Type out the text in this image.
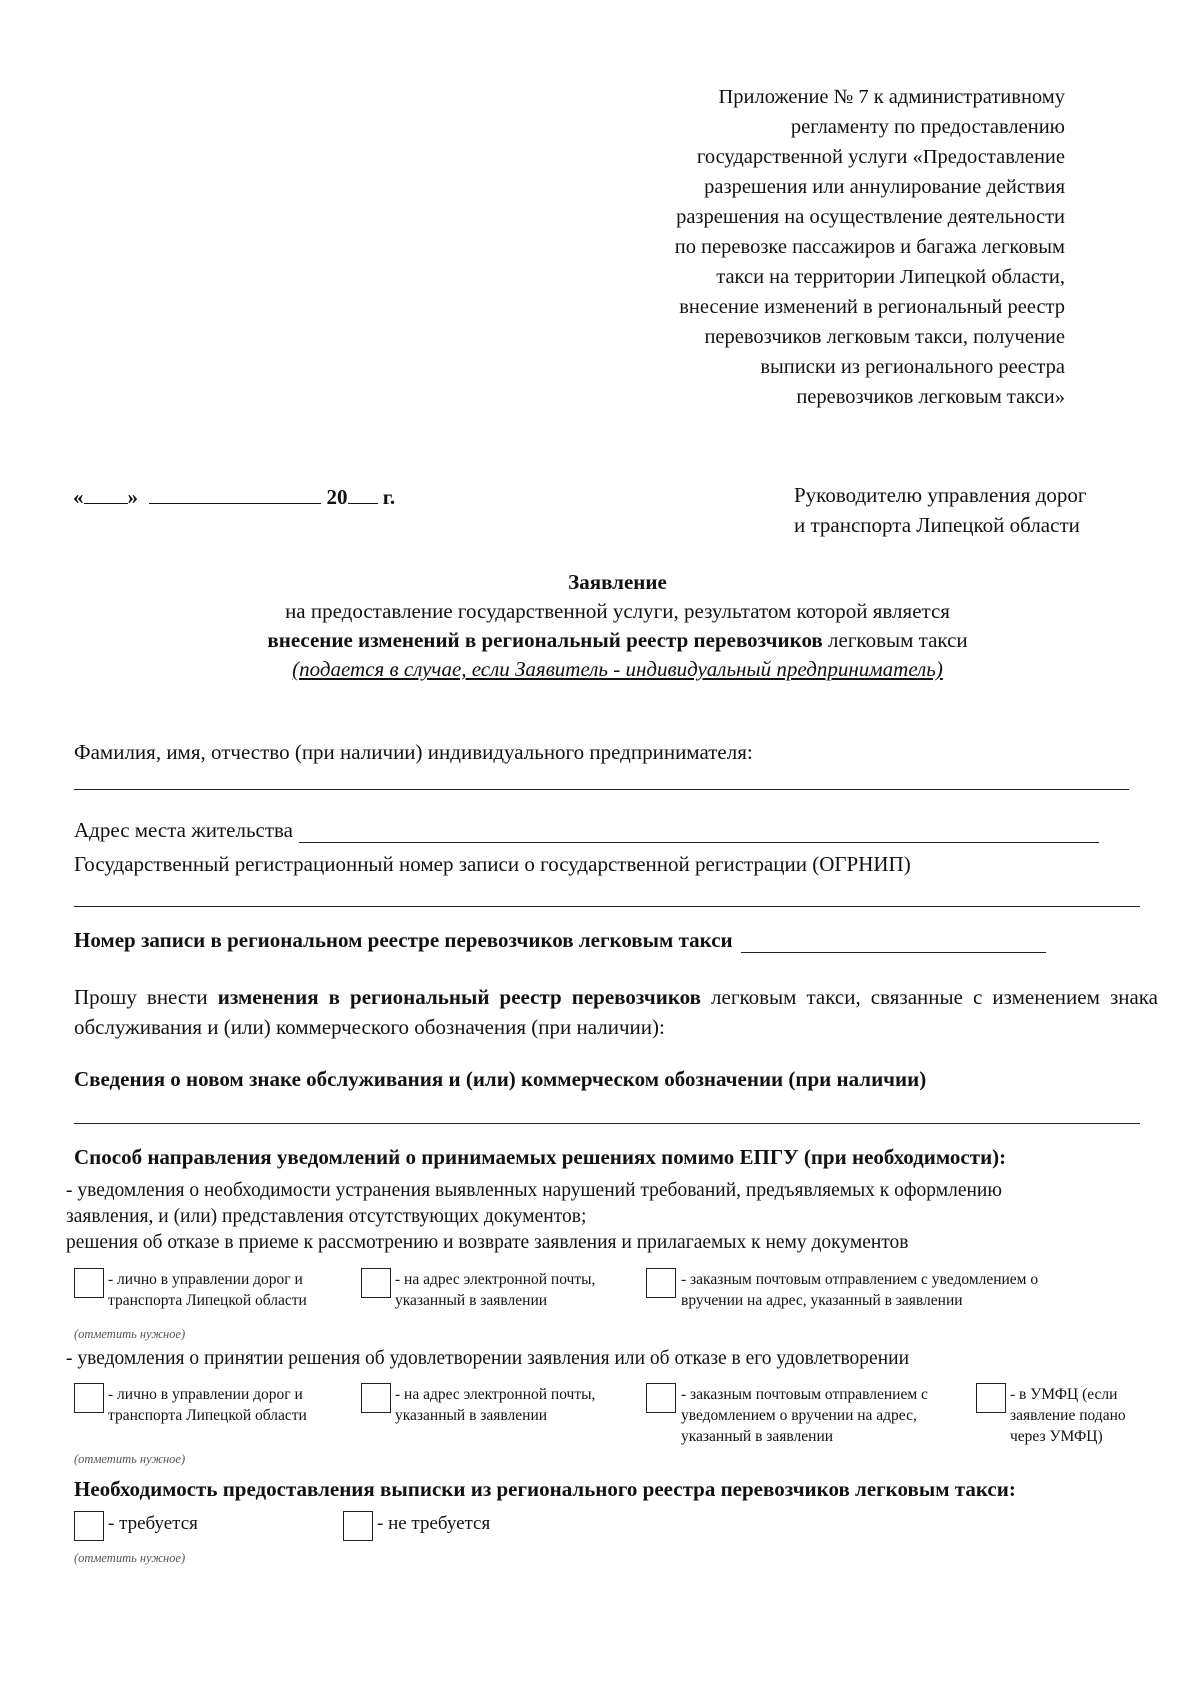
Приложение № 7 к административному
регламенту по предоставлению
государственной услуги «Предоставление
разрешения или аннулирование действия
разрешения на осуществление деятельности
по перевозке пассажиров и багажа легковым
такси на территории Липецкой области,
внесение изменений в региональный реестр
перевозчиков легковым такси, получение
выписки из регионального реестра
перевозчиков легковым такси»
« »	20 г.	Руководителю управления дорог
и транспорта Липецкой области
Заявление
на предоставление государственной услуги, результатом которой является
внесение изменений в региональный реестр перевозчиков легковым такси
(подается в случае, если Заявитель - индивидуальный предприниматель)
Фамилия, имя, отчество (при наличии) индивидуального предпринимателя:
Адрес места жительства
Государственный регистрационный номер записи о государственной регистрации (ОГРНИП)
Номер записи в региональном реестре перевозчиков легковым такси
Прошу внести изменения в региональный реестр перевозчиков легковым такси, связанные с изменением знака обслуживания и (или) коммерческого обозначения (при наличии):
Сведения о новом знаке обслуживания и (или) коммерческом обозначении (при наличии)
Способ направления уведомлений о принимаемых решениях помимо ЕПГУ (при необходимости):
- уведомления о необходимости устранения выявленных нарушений требований, предъявляемых к оформлению
заявления, и (или) представления отсутствующих документов;
решения об отказе в приеме к рассмотрению и возврате заявления и прилагаемых к нему документов
- лично в управлении дорог и
транспорта Липецкой области
- на адрес электронной почты,
указанный в заявлении
- заказным почтовым отправлением с уведомлением о
вручении на адрес, указанный в заявлении
(отметить нужное)
- уведомления о принятии решения об удовлетворении заявления или об отказе в его удовлетворении
- лично в управлении дорог и
транспорта Липецкой области
- на адрес электронной почты,
указанный в заявлении
- заказным почтовым отправлением с
уведомлением о вручении на адрес,
указанный в заявлении
- в УМФЦ (если
заявление подано
через УМФЦ)
(отметить нужное)
Необходимость предоставления выписки из регионального реестра перевозчиков легковым такси:
- требуется	- не требуется
(отметить нужное)
